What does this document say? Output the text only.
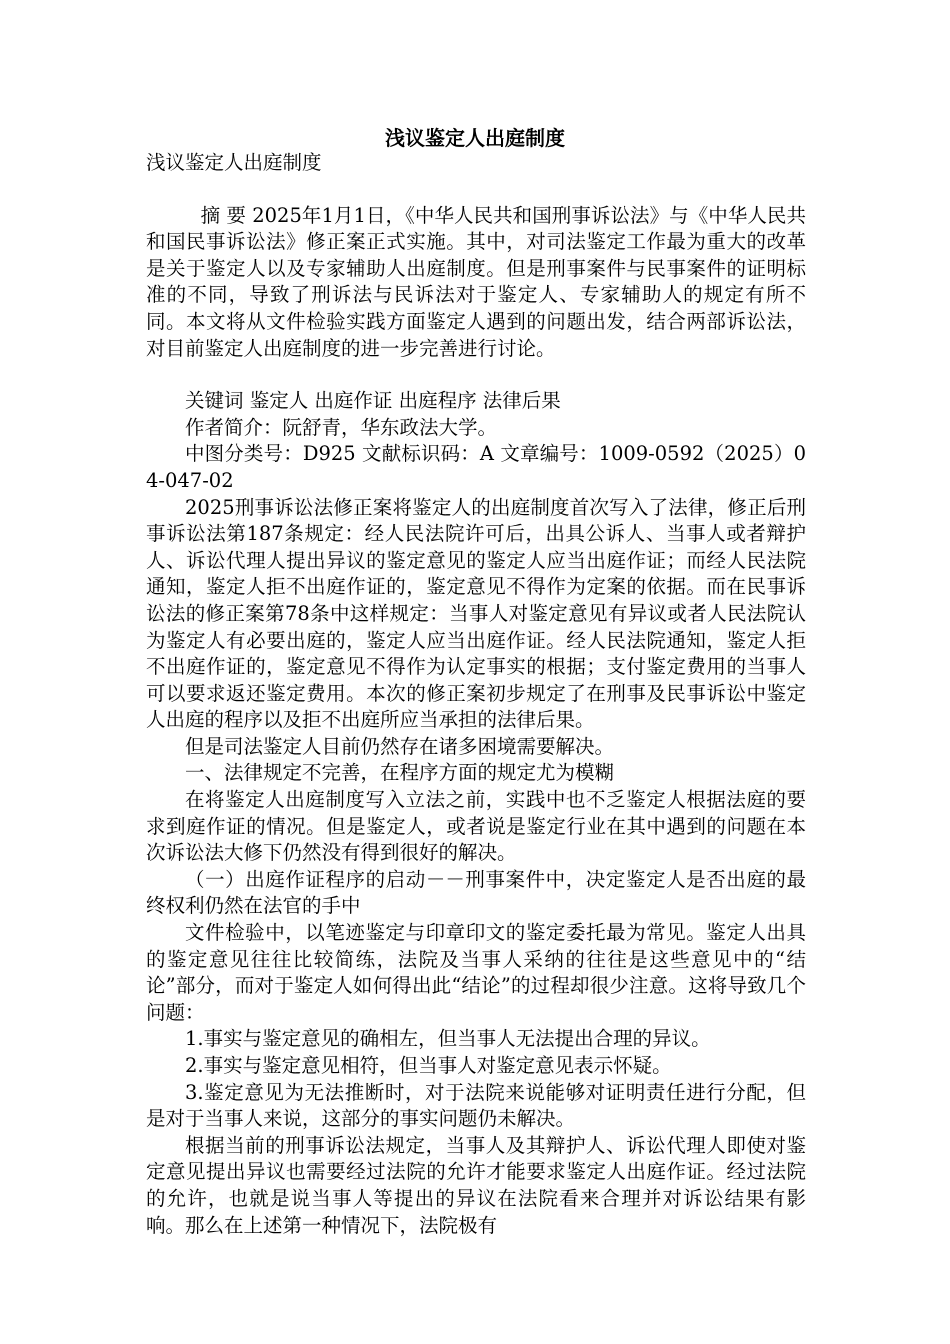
浅议鉴定人出庭制度

浅议鉴定人出庭制度

摘 要 2025年1月1日，《中华人民共和国刑事诉讼法》与《中华人民共和国民事诉讼法》修正案正式实施。其中，对司法鉴定工作最为重大的改革是关于鉴定人以及专家辅助人出庭制度。但是刑事案件与民事案件的证明标准的不同，导致了刑诉法与民诉法对于鉴定人、专家辅助人的规定有所不同。本文将从文件检验实践方面鉴定人遇到的问题出发，结合两部诉讼法，对目前鉴定人出庭制度的进一步完善进行讨论。

关键词 鉴定人 出庭作证 出庭程序 法律后果

作者简介：阮舒青，华东政法大学。

中图分类号：D925 文献标识码：A 文章编号：1009-0592（2025）04-047-02

2025刑事诉讼法修正案将鉴定人的出庭制度首次写入了法律，修正后刑事诉讼法第187条规定：经人民法院许可后，出具公诉人、当事人或者辩护人、诉讼代理人提出异议的鉴定意见的鉴定人应当出庭作证；而经人民法院通知，鉴定人拒不出庭作证的，鉴定意见不得作为定案的依据。而在民事诉讼法的修正案第78条中这样规定：当事人对鉴定意见有异议或者人民法院认为鉴定人有必要出庭的，鉴定人应当出庭作证。经人民法院通知，鉴定人拒不出庭作证的，鉴定意见不得作为认定事实的根据；支付鉴定费用的当事人可以要求返还鉴定费用。本次的修正案初步规定了在刑事及民事诉讼中鉴定人出庭的程序以及拒不出庭所应当承担的法律后果。

但是司法鉴定人目前仍然存在诸多困境需要解决。

一、法律规定不完善，在程序方面的规定尤为模糊

在将鉴定人出庭制度写入立法之前，实践中也不乏鉴定人根据法庭的要求到庭作证的情况。但是鉴定人，或者说是鉴定行业在其中遇到的问题在本次诉讼法大修下仍然没有得到很好的解决。

（一）出庭作证程序的启动－－刑事案件中，决定鉴定人是否出庭的最终权利仍然在法官的手中

文件检验中，以笔迹鉴定与印章印文的鉴定委托最为常见。鉴定人出具的鉴定意见往往比较简练，法院及当事人采纳的往往是这些意见中的“结论”部分，而对于鉴定人如何得出此“结论”的过程却很少注意。这将导致几个问题：

1.事实与鉴定意见的确相左，但当事人无法提出合理的异议。

2.事实与鉴定意见相符，但当事人对鉴定意见表示怀疑。

3.鉴定意见为无法推断时，对于法院来说能够对证明责任进行分配，但是对于当事人来说，这部分的事实问题仍未解决。

根据当前的刑事诉讼法规定，当事人及其辩护人、诉讼代理人即使对鉴定意见提出异议也需要经过法院的允许才能要求鉴定人出庭作证。经过法院的允许，也就是说当事人等提出的异议在法院看来合理并对诉讼结果有影响。那么在上述第一种情况下，法院极有
